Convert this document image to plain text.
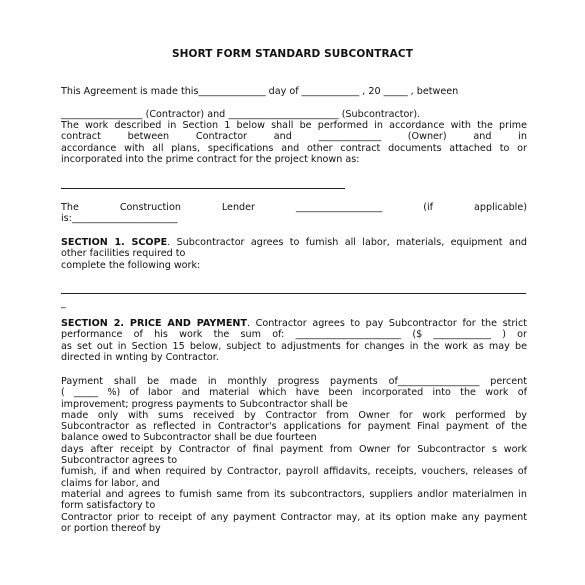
SHORT FORM STANDARD SUBCONTRACT
This Agreement is made this______________ day of ____________ , 20 _____ , between
_________________ (Contractor) and _______________________ (Subcontractor).
The work described in Section 1 below shall be performed in accordance with the prime
contract between Contractor and _____________ (Owner) and in
accordance with all plans, specifications and other contract documents attached to or
incorporated into the prime contract for the project known as:
The	Construction	Lender	__________________	(if	applicable)
is:______________________
SECTION 1. SCOPE. Subcontractor agrees to fumish all labor, materials, equipment and
other facilities required to
complete the following work:
_
SECTION 2. PRICE AND PAYMENT. Contractor agrees to pay Subcontractor for the strict
performance of his work the sum of: ______________________ ($ ____________ ) or
as set out in Section 15 below, subject to adjustments for changes in the work as may be
directed in wnting by Contractor.
Payment shall be made in monthly progress payments of_________________ percent
( _____ %) of labor and material which have been incorporated into the work of
improvement; progress payments to Subcontractor shall be
made only with sums received by Contractor from Owner for work performed by
Subcontractor as reflected in Contractor's applications for payment Final payment of the
balance owed to Subcontractor shall be due fourteen
days after receipt by Contractor of final payment from Owner for Subcontractor s work
Subcontractor agrees to
fumish, if and when required by Contractor, payroll affidavits, receipts, vouchers, releases of
claims for labor, and
material and agrees to fumish same from its subcontractors, suppliers andlor materialmen in
form satisfactory to
Contractor prior to receipt of any payment Contractor may, at its option make any payment
or portion thereof by
